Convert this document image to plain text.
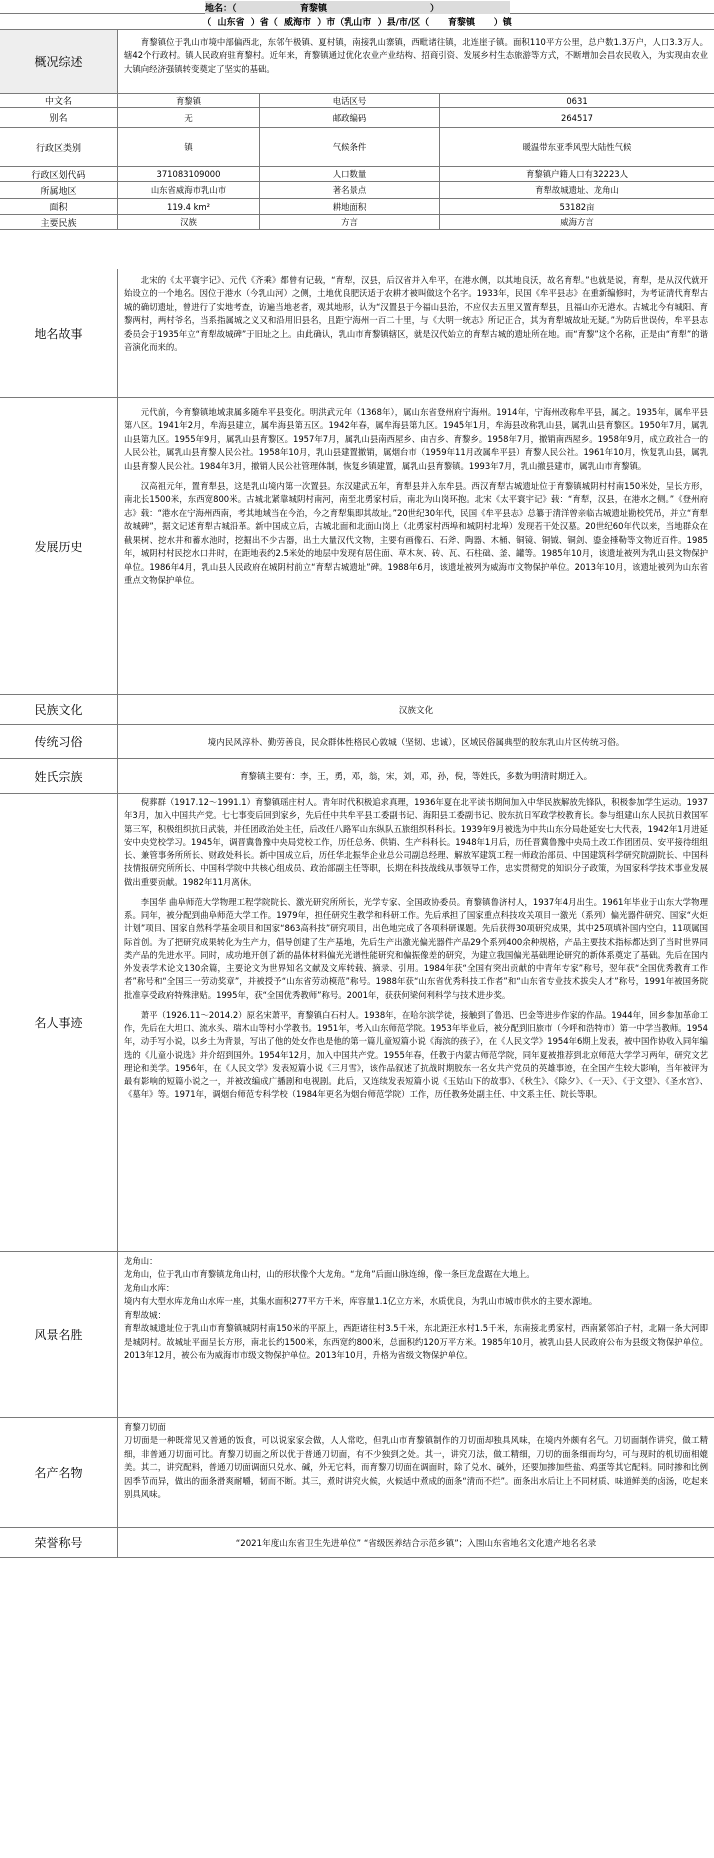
地名：（	育黎镇	）
（  山东省  ）省（  威海市  ）市（乳山市  ）县/市/区（      育黎镇      ）镇
概况综述

育黎镇位于乳山市境中部偏西北，东邻午极镇、夏村镇，南接乳山寨镇，西毗诸往镇，北连崖子镇。面积110平方公里，总户数1.3万户，人口3.3万人。辖42个行政村。镇人民政府驻育黎村。近年来，育黎镇通过优化农业产业结构、招商引资、发展乡村生态旅游等方式，不断增加会昌农民收入，为实现由农业大镇向经济强镇转变奠定了坚实的基础。

中文名	育黎镇	电话区号	0631
别名	无	邮政编码	264517
行政区类别	镇	气候条件	暖温带东亚季风型大陆性气候
行政区划代码	371083109000	人口数量	育黎镇户籍人口有32223人
所属地区	山东省威海市乳山市	著名景点	育犁故城遗址、龙角山
面积	119.4 km²	耕地面积	53182亩
主要民族	汉族	方言	威海方言
地名故事

北宋的《太平寰宇记》、元代《齐乘》都曾有记载，“育犁，汉县，后汉省并入牟平，在港水侧，以其地良沃，故名育犁。”也就是说，育犁，是从汉代就开始设立的一个地名。因位于港水（今乳山河）之侧，土地优良肥沃适于农耕才被叫做这个名字。1933年，民国《牟平县志》在重新编修时，为考证清代育犁古城的确切遗址，曾进行了实地考查，访遍当地老者，观其地形，认为“汉置县于今福山县治，不应仅去五里又置育犁县，且福山亦无港水。古城北今有城阳、育黎两村，两村爷名，当系指属城之义又和沿用旧县名，且距宁海州一百二十里，与《大明一统志》所记正合，其为育犁城故址无疑。”为防后世误传，牟平县志委员会于1935年立“育犁故城碑”于旧址之上。由此确认，乳山市育黎镇辖区，就是汉代始立的育犁古城的遗址所在地。而“育黎”这个名称，正是由“育犁”的谐音演化而来的。

发展历史

元代前，今育黎镇地域隶属多随牟平县变化。明洪武元年（1368年），属山东省登州府宁海州。1914年，宁海州改称牟平县，属之。1935年，属牟平县第八区。1941年2月，牟海县建立，属牟海县第五区。1942年春，属牟海县第九区。1945年1月，牟海县改称乳山县，属乳山县育黎区。1950年7月，属乳山县第九区。1955年9月，属乳山县育黎区。1957年7月，属乳山县南西屋乡、由吉乡、育黎乡。1958年7月，撤销南西屋乡。1958年9月，成立政社合一的人民公社，属乳山县育黎人民公社。1958年10月，乳山县建置撤销，属烟台市（1959年11月改属牟平县）育黎人民公社。1961年10月，恢复乳山县，属乳山县育黎人民公社。1984年3月，撤销人民公社管理体制，恢复乡镇建置，属乳山县育黎镇。1993年7月，乳山撤县建市，属乳山市育黎镇。

汉高祖元年，置育犁县，这是乳山境内第一次置县。东汉建武五年，育犁县并入东牟县。西汉育犁古城遗址位于育黎镇城阴村村南150米处，呈长方形，南北长1500米，东西宽800米。古城北紧靠城阴村南河，南至北勇家村后，南北为山岗环抱。北宋《太平寰宇记》载：“育犁，汉县，在港水之侧。”《登州府志》载：“港水在宁海州西南，考其地域当在今治，今之育犁集即其故址。”20世纪30年代，民国《牟平县志》总纂于清洋曾亲临古城遗址勘校凭吊，并立“育犁故城碑”，据文记述育犁古城沿革。新中国成立后，古城北面和北面山岗上（北勇家村西埠和城阴村北埠）发现若干处汉墓。20世纪60年代以来，当地群众在截果树、挖水井和蓄水池时，挖掘出不少古器，出土大量汉代文物，主要有画像石、石斧、陶器、木桶、铜镜、铜钺、铜剑、鎏金捶勒等文物近百件。1985年，城阴村村民挖水口井时，在距地表约2.5米处的地层中发现有居住面、草木灰、砖、瓦、石柱础、釜、罐等。1985年10月，该遗址被列为乳山县文物保护单位。1986年4月，乳山县人民政府在城阴村前立“育犁古城遗址”碑。1988年6月，该遗址被列为威海市文物保护单位。2013年10月，该遗址被列为山东省重点文物保护单位。

民族文化	汉族文化
传统习俗	境内民风淳朴、勤劳善良，民众群体性格民心敦城（坚韧、忠诚），区域民俗属典型的胶东乳山片区传统习俗。
姓氏宗族	育黎镇主要有：李，王，勇，邓，翁，宋，刘，邓，孙，倪，等姓氏，多数为明清时期迁入。
名人事迹

倪葬群（1917.12～1991.1）育黎镇瑶庄村人。青年时代积极追求真理，1936年夏在北平读书期间加入中华民族解放先锋队，积极参加学生运动。1937年3月，加入中国共产党。七七事变后回到家乡，先后任中共牟平县工委副书记、海阳县工委副书记、胶东抗日军政学校教育长。参与组建山东人民抗日救国军第三军，积极组织抗日武装，并任团政治处主任，后改任八路军山东纵队五旅组织科科长。1939年9月被选为中共山东分局赴延安七大代表，1942年1月进延安中央党校学习。1945年，调晋冀鲁豫中央局党校工作，历任总务、供销、生产科科长。1948年1月后，历任晋冀鲁豫中央局土改工作团团员、安平接待组组长、兼管事务所所长、财政处科长。新中国成立后，历任华北振华企业总公司副总经理、解放军建筑工程一师政治部员、中国建筑科学研究院副院长、中国科技情报研究所所长、中国科学院中共核心组成员、政治部副主任等职，长期在科技战线从事领导工作，忠实贯彻党的知识分子政策，为国家科学技术事业发展做出重要贡献。1982年11月离休。

李国华 曲阜师范大学物理工程学院院长、激光研究所所长，光学专家、全国政协委员。育黎镇鲁济村人，1937年4月出生。1961年毕业于山东大学物理系。同年，被分配到曲阜师范大学工作。1979年，担任研究生教学和科研工作。先后承担了国家重点科技攻关项目一激光（系列）偏光器件研究、国家“火炬计划”项目、国家自然科学基金项目和国家“863高科技”研究项目，出色地完成了各项科研课题。先后获得30项研究成果，其中25项填补国内空白，11项属国际首创。为了把研究成果转化为生产力，倡导创建了生产基地，先后生产出激光偏光器件产品29个系列400余种规格，产品主要技术指标都达到了当时世界同类产品的先进水平。同时，成功地开创了新的晶体材料偏光光谱性能研究和偏振像差的研究，为建立我国偏光基础理论研究的新体系奠定了基础。先后在国内外发表学术论文130余篇，主要论文为世界知名文献及文库转载、摘录、引用。1984年获“全国有突出贡献的中青年专家”称号，翌年获“全国优秀教育工作者”称号和“全国三一劳动奖章”，并被授予“山东省劳动模范”称号。1988年获“山东省优秀科技工作者”和“山东省专业技术拔尖人才”称号，1991年被国务院批准享受政府特殊津贴。1995年，获“全国优秀教师”称号。2001年，获获何梁何利科学与技术进步奖。

萧平（1926.11～2014.2）原名宋萧平，育黎镇白石村人。1938年，在哈尔滨学徒，接触到了鲁迅、巴金等进步作家的作品。1944年，回乡参加革命工作，先后在大坦口、流水头、瑞木山等村小学教书。1951年，考入山东师范学院。1953年毕业后，被分配到旧旅市（今呼和浩特市）第一中学当教师。1954年，动手写小说，以乡土为背景，写出了他的处女作也是他的第一篇儿童短篇小说《海滨的孩子》，在《人民文学》1954年6期上发表，被中国作协收入同年编选的《儿童小说选》并介绍到国外。1954年12月，加入中国共产党。1955年春，任教于内蒙古师范学院，同年夏被推荐到北京师范大学学习两年，研究文艺理论和美学。1956年，在《人民文学》发表短篇小说《三月雪》，该作品叙述了抗战时期胶东一名女共产党员的英雄事迹，在全国产生较大影响，当年被评为最有影响的短篇小说之一，并被改编成广播剧和电视剧。此后，又连续发表短篇小说《玉姑山下的故事》、《秋生》、《除夕》、《一天》、《于文望》、《圣水宫》、《墓年》等。1971年，调烟台师范专科学校（1984年更名为烟台师范学院）工作，历任教务处副主任、中文系主任、院长等职。

风景名胜

龙角山：

龙角山，位于乳山市育黎镇龙角山村，山的形状像个大龙角。“龙角”后面山脉连绵，像一条巨龙盘踞在大地上。

龙角山水库：

境内有大型水库龙角山水库一座，其集水面积277平方千米，库容量1.1亿立方米，水质优良，为乳山市城市供水的主要水源地。

育犁故城：

育犁故城遗址位于乳山市育黎镇城阴村南150米的平原上，西距诸往村3.5千米，东北距汪水村1.5千米，东南接北勇家村，西南紧邻泊子村，北隔一条大河即是城阴村。故城址平面呈长方形，南北长约1500米，东西宽约800米，总面积约120万平方米。1985年10月，被乳山县人民政府公布为县级文物保护单位。2013年12月，被公布为威海市市级文物保护单位。2013年10月，升格为省级文物保护单位。

名产名物

育黎刀切面

刀切面是一种既常见又普通的饭食，可以说家家会做，人人常吃，但乳山市育黎镇制作的刀切面却独具风味，在境内外颇有名气。刀切面制作讲究，做工精细，非普通刀切面可比。育黎刀切面之所以优于普通刀切面，有不少独到之处。其一，讲究刀法，做工精细，刀切的面条细而均匀，可与现时的机切面相媲美。其二，讲究配料，普通刀切面调面只兑水、碱，外无它料，而育黎刀切面在调面时，除了兑水、碱外，还要加掺加些盐、鸡蛋等其它配料。同时掺和比例因季节而异，做出的面条滑爽耐嚼，韧而不断。其三，煮时讲究火候，火候适中煮成的面条“清而不烂”。面条出水后让上不同材质、味道鲜美的卤汤，吃起来别具风味。

荣誉称号	“2021年度山东省卫生先进单位” “省级医养结合示范乡镇”；入围山东省地名文化遗产地名名录
